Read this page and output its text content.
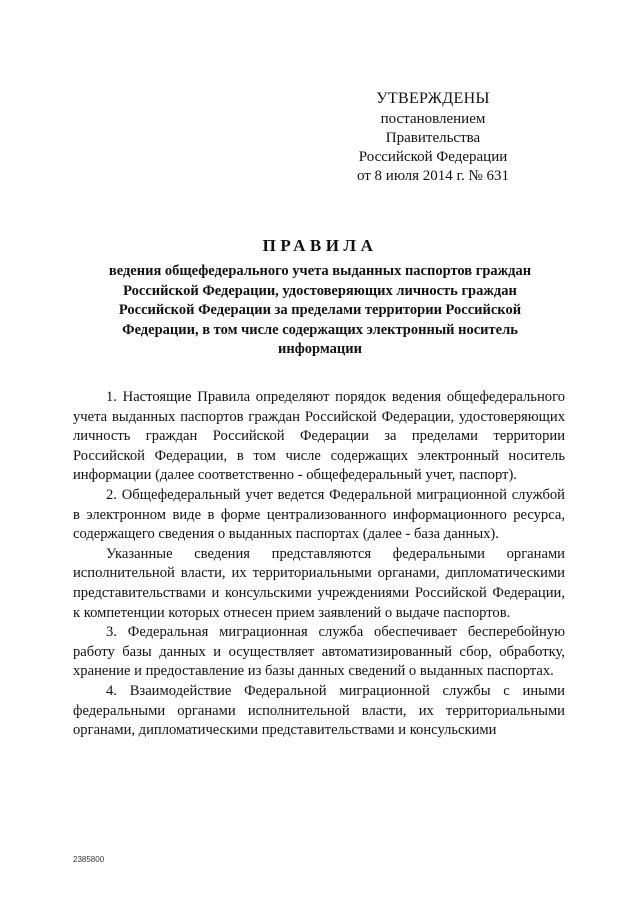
УТВЕРЖДЕНЫ
постановлением Правительства
Российской Федерации
от 8 июля 2014 г. № 631
ПРАВИЛА
ведения общефедерального учета выданных паспортов граждан Российской Федерации, удостоверяющих личность граждан Российской Федерации за пределами территории Российской Федерации, в том числе содержащих электронный носитель информации

1. Настоящие Правила определяют порядок ведения общефедерального учета выданных паспортов граждан Российской Федерации, удостоверяющих личность граждан Российской Федерации за пределами территории Российской Федерации, в том числе содержащих электронный носитель информации (далее соответственно - общефедеральный учет, паспорт).

2. Общефедеральный учет ведется Федеральной миграционной службой в электронном виде в форме централизованного информационного ресурса, содержащего сведения о выданных паспортах (далее - база данных).

Указанные сведения представляются федеральными органами исполнительной власти, их территориальными органами, дипломатическими представительствами и консульскими учреждениями Российской Федерации, к компетенции которых отнесен прием заявлений о выдаче паспортов.

3. Федеральная миграционная служба обеспечивает бесперебойную работу базы данных и осуществляет автоматизированный сбор, обработку, хранение и предоставление из базы данных сведений о выданных паспортах.

4. Взаимодействие Федеральной миграционной службы с иными федеральными органами исполнительной власти, их территориальными органами, дипломатическими представительствами и консульскими

2385800
